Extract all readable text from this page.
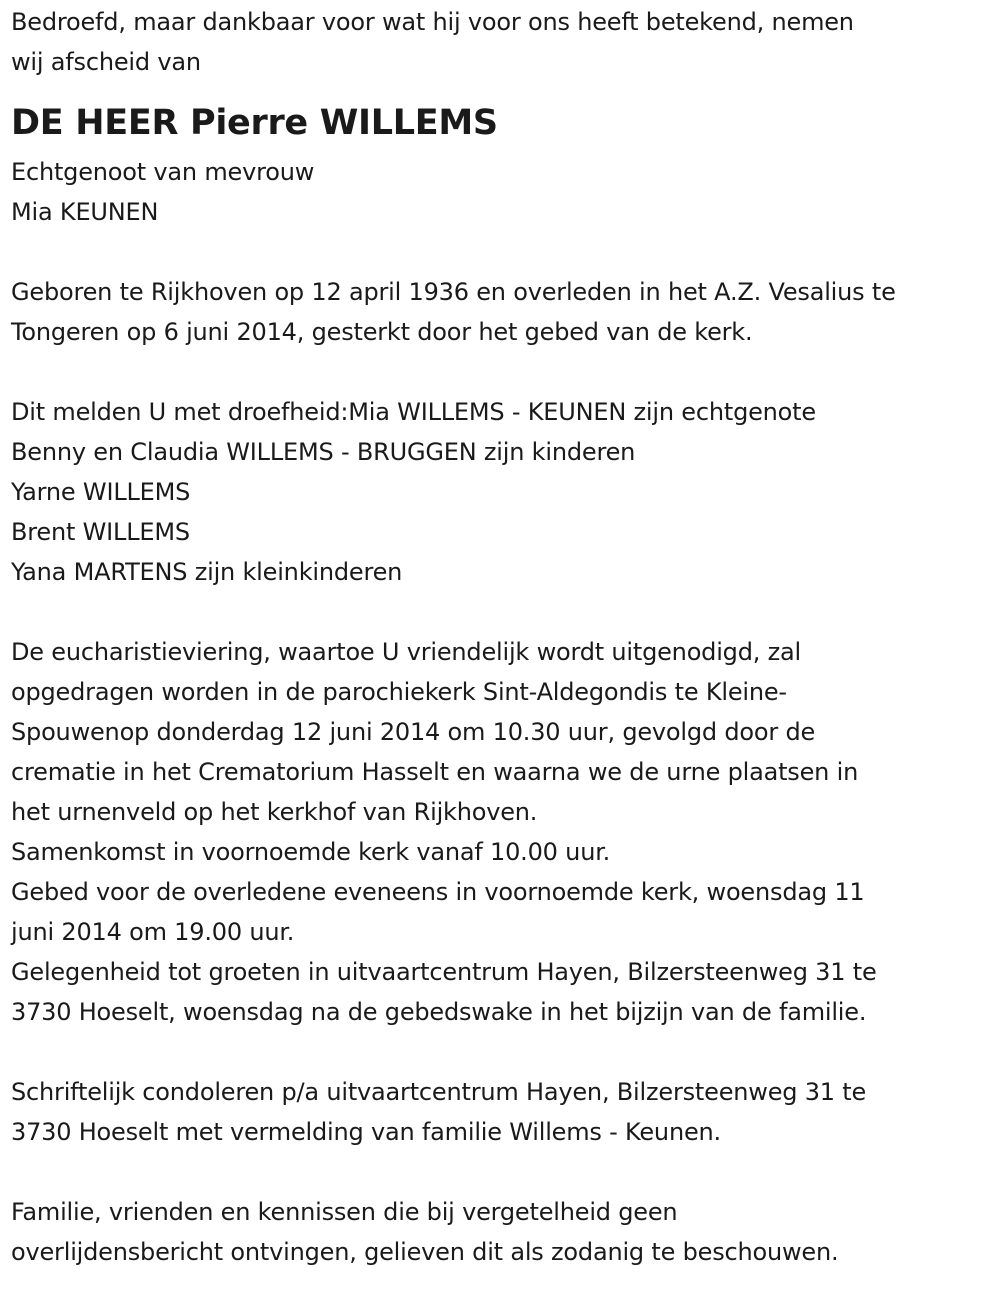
Bedroefd, maar dankbaar voor wat hij voor ons heeft betekend, nemen
wij afscheid van
DE HEER Pierre WILLEMS
Echtgenoot van mevrouw
Mia KEUNEN
Geboren te Rijkhoven op 12 april 1936 en overleden in het A.Z. Vesalius te
Tongeren op 6 juni 2014, gesterkt door het gebed van de kerk.
Dit melden U met droefheid:Mia WILLEMS - KEUNEN zijn echtgenote
Benny en Claudia WILLEMS - BRUGGEN zijn kinderen
Yarne WILLEMS
Brent WILLEMS
Yana MARTENS zijn kleinkinderen
De eucharistieviering, waartoe U vriendelijk wordt uitgenodigd, zal
opgedragen worden in de parochiekerk Sint-Aldegondis te Kleine-
Spouwenop donderdag 12 juni 2014 om 10.30 uur, gevolgd door de
crematie in het Crematorium Hasselt en waarna we de urne plaatsen in
het urnenveld op het kerkhof van Rijkhoven.
Samenkomst in voornoemde kerk vanaf 10.00 uur.
Gebed voor de overledene eveneens in voornoemde kerk, woensdag 11
juni 2014 om 19.00 uur.
Gelegenheid tot groeten in uitvaartcentrum Hayen, Bilzersteenweg 31 te
3730 Hoeselt, woensdag na de gebedswake in het bijzijn van de familie.
Schriftelijk condoleren p/a uitvaartcentrum Hayen, Bilzersteenweg 31 te
3730 Hoeselt met vermelding van familie Willems - Keunen.
Familie, vrienden en kennissen die bij vergetelheid geen
overlijdensbericht ontvingen, gelieven dit als zodanig te beschouwen.
